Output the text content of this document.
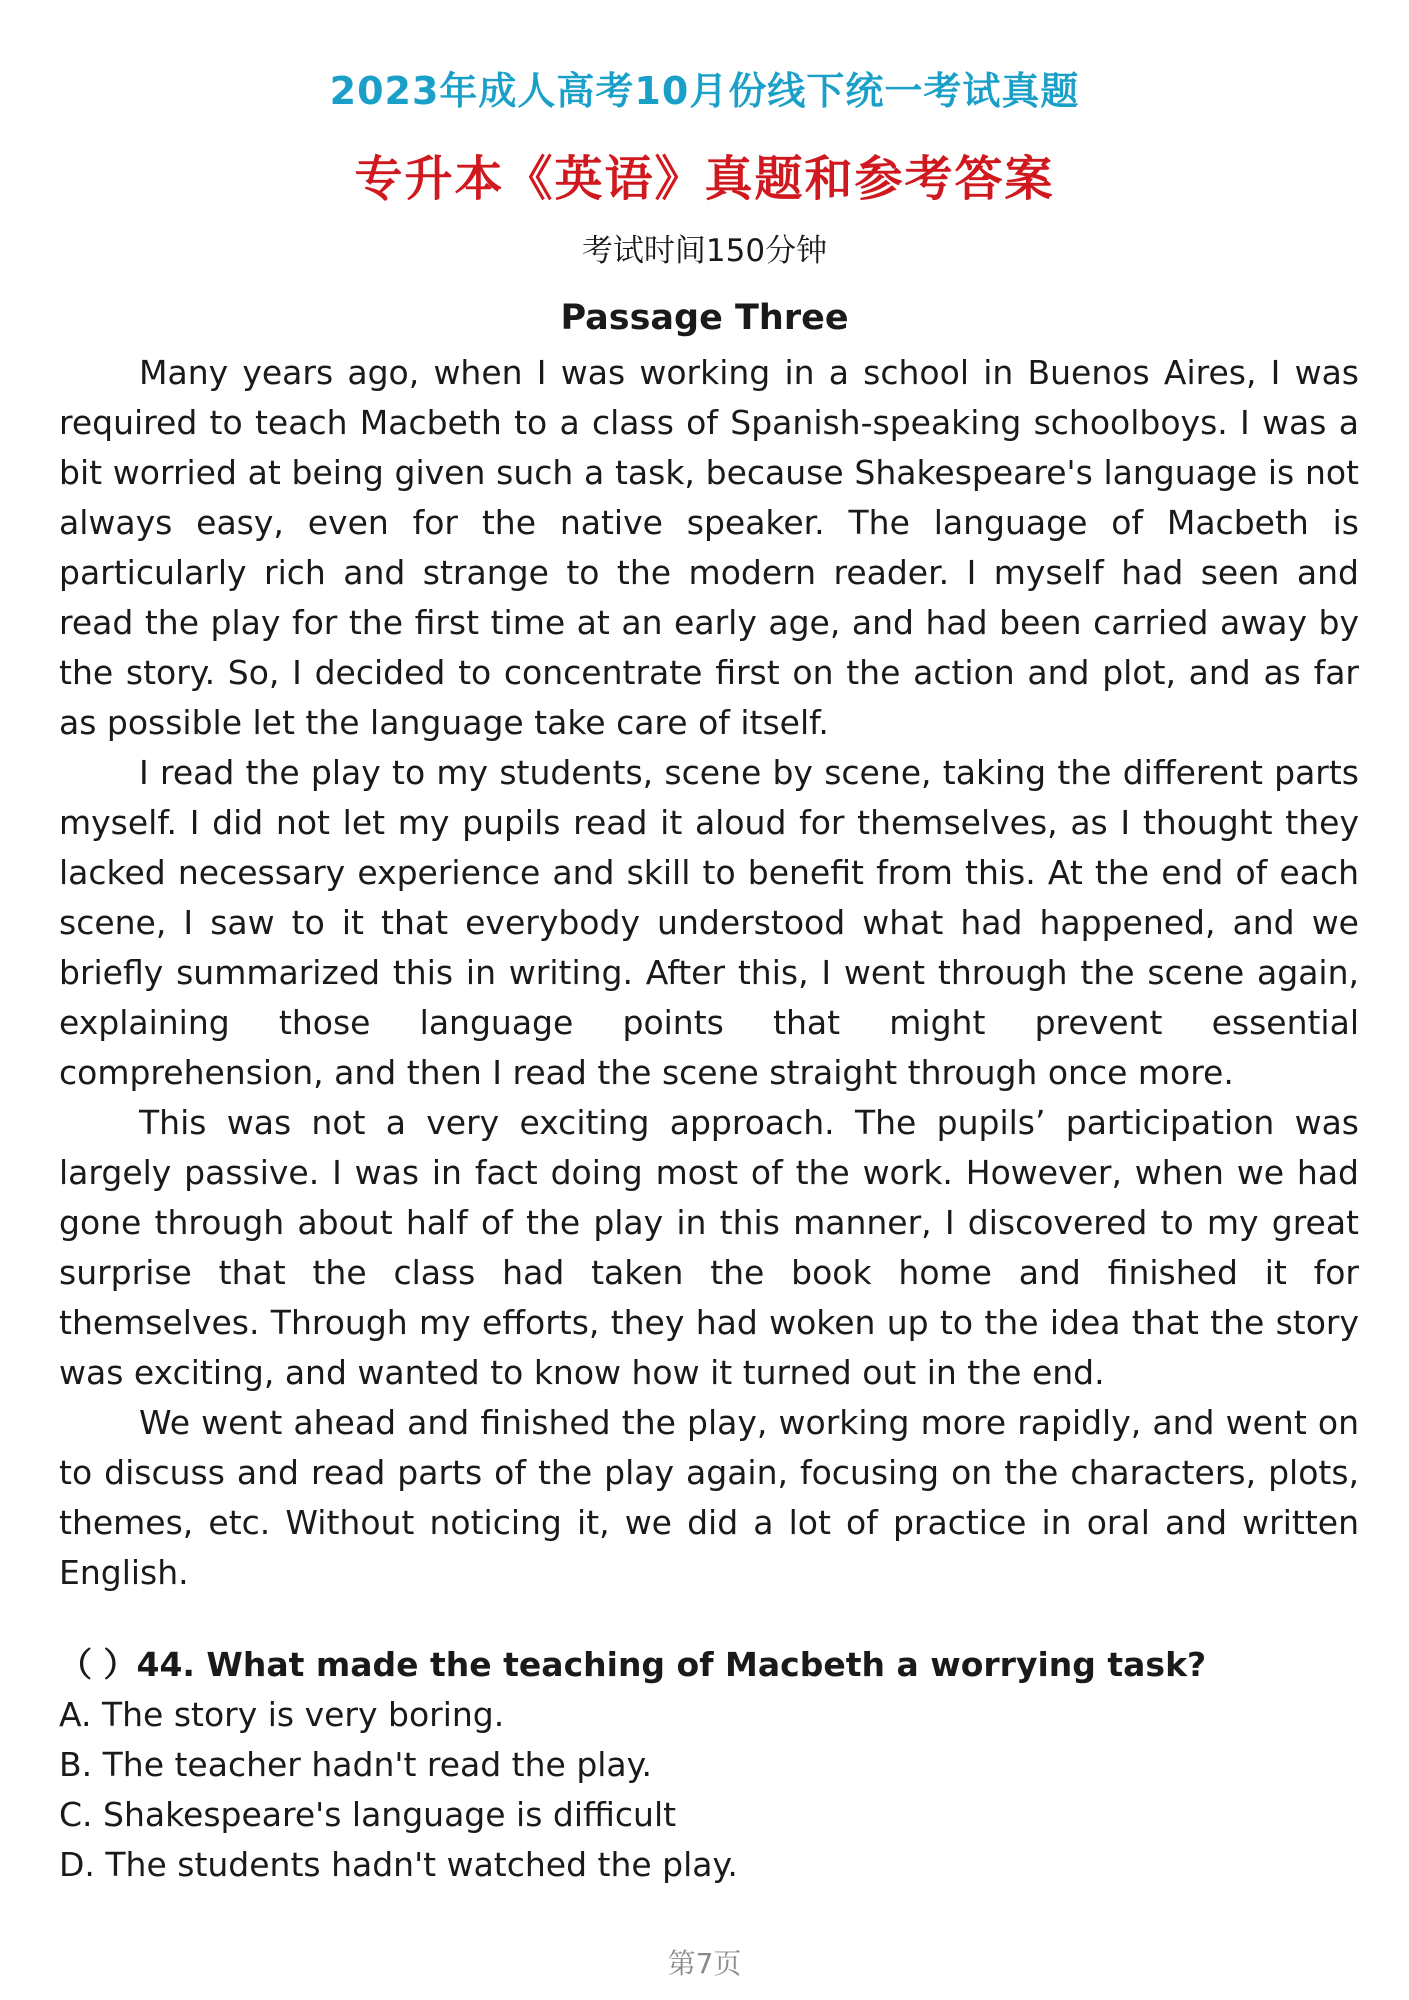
2023年成人高考10月份线下统一考试真题
专升本《英语》真题和参考答案
考试时间150分钟
Passage Three

Many years ago, when I was working in a school in Buenos Aires, I was required to teach Macbeth to a class of Spanish-speaking schoolboys. I was a bit worried at being given such a task, because Shakespeare's language is not always easy, even for the native speaker. The language of Macbeth is particularly rich and strange to the modern reader. I myself had seen and read the play for the first time at an early age, and had been carried away by the story. So, I decided to concentrate first on the action and plot, and as far as possible let the language take care of itself.

I read the play to my students, scene by scene, taking the different parts myself. I did not let my pupils read it aloud for themselves, as I thought they lacked necessary experience and skill to benefit from this. At the end of each scene, I saw to it that everybody understood what had happened, and we briefly summarized this in writing. After this, I went through the scene again, explaining those language points that might prevent essential comprehension, and then I read the scene straight through once more.

This was not a very exciting approach. The pupils’ participation was largely passive. I was in fact doing most of the work. However, when we had gone through about half of the play in this manner, I discovered to my great surprise that the class had taken the book home and finished it for themselves. Through my efforts, they had woken up to the idea that the story was exciting, and wanted to know how it turned out in the end.

We went ahead and finished the play, working more rapidly, and went on to discuss and read parts of the play again, focusing on the characters, plots, themes, etc. Without noticing it, we did a lot of practice in oral and written English.

（ ）44. What made the teaching of Macbeth a worrying task?

A. The story is very boring.

B. The teacher hadn't read the play.

C. Shakespeare's language is difficult

D. The students hadn't watched the play.

第7页
